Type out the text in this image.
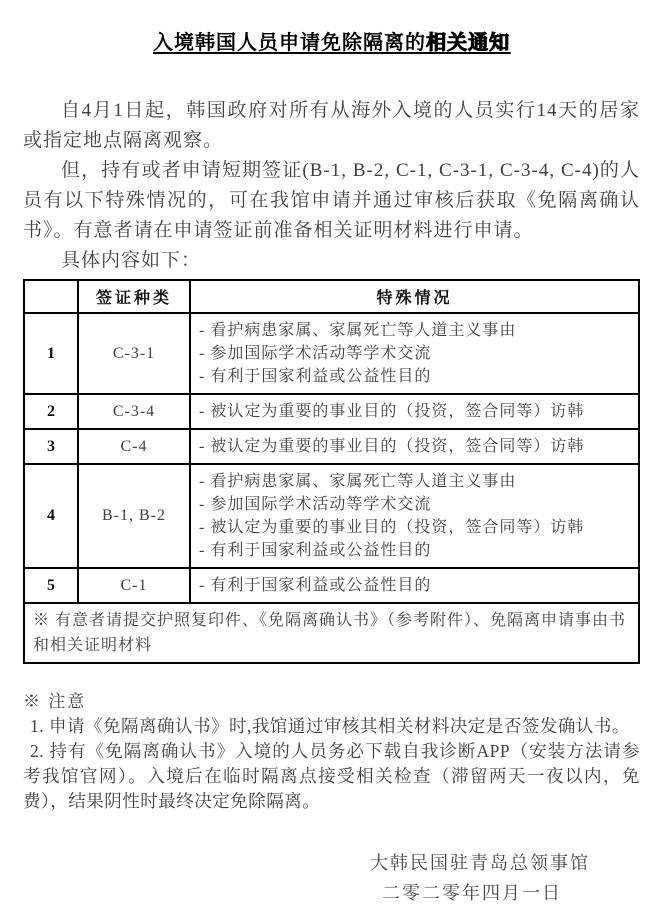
入境韩国人员申请免除隔离的相关通知

自4月1日起，韩国政府对所有从海外入境的人员实行14天的居家或指定地点隔离观察。

但，持有或者申请短期签证(B-1, B-2, C-1, C-3-1, C-3-4, C-4)的人员有以下特殊情况的，可在我馆申请并通过审核后获取《免隔离确认书》。有意者请在申请签证前准备相关证明材料进行申请。

具体内容如下：

	签证种类	特殊情况
1	C-3-1	- 看护病患家属、家属死亡等人道主义事由
- 参加国际学术活动等学术交流
- 有利于国家利益或公益性目的

2	C-3-4	- 被认定为重要的事业目的（投资，签合同等）访韩

3	C-4	- 被认定为重要的事业目的（投资，签合同等）访韩

4	B-1, B-2	- 看护病患家属、家属死亡等人道主义事由
- 参加国际学术活动等学术交流
- 被认定为重要的事业目的（投资，签合同等）访韩
- 有利于国家利益或公益性目的

5	C-1	- 有利于国家利益或公益性目的

※ 有意者请提交护照复印件、《免隔离确认书》（参考附件）、免隔离申请事由书和相关证明材料		
※ 注意

1. 申请《免隔离确认书》时,我馆通过审核其相关材料决定是否签发确认书。

2. 持有《免隔离确认书》入境的人员务必下载自我诊断APP（安装方法请参考我馆官网）。入境后在临时隔离点接受相关检查（滞留两天一夜以内，免费），结果阴性时最终决定免除隔离。

大韩民国驻青岛总领事馆
二零二零年四月一日
